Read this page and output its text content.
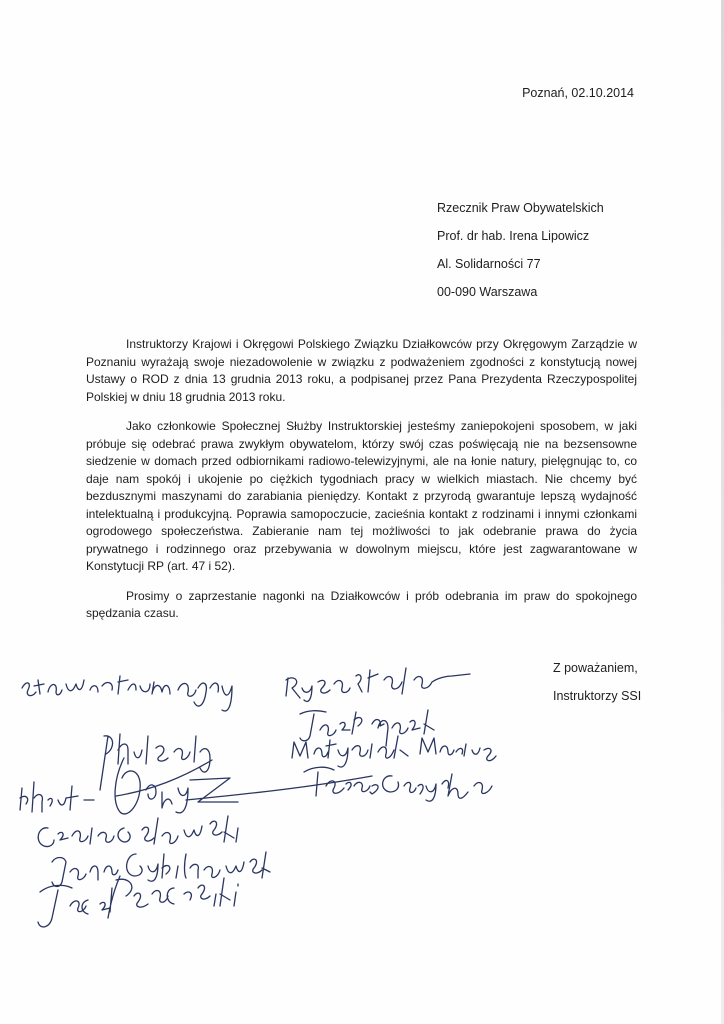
Poznań, 02.10.2014
Rzecznik Praw Obywatelskich
Prof. dr hab. Irena Lipowicz
Al. Solidarności 77
00-090 Warszawa

Instruktorzy Krajowi i Okręgowi Polskiego Związku Działkowców przy Okręgowym Zarządzie w Poznaniu wyrażają swoje niezadowolenie w związku z podważeniem zgodności z konstytucją nowej Ustawy o ROD z dnia 13 grudnia 2013 roku, a podpisanej przez Pana Prezydenta Rzeczypospolitej Polskiej w dniu 18 grudnia 2013 roku.

Jako członkowie Społecznej Służby Instruktorskiej jesteśmy zaniepokojeni sposobem, w jaki próbuje się odebrać prawa zwykłym obywatelom, którzy swój czas poświęcają nie na bezsensowne siedzenie w domach przed odbiornikami radiowo-telewizyjnymi, ale na łonie natury, pielęgnując to, co daje nam spokój i ukojenie po ciężkich tygodniach pracy w wielkich miastach. Nie chcemy być bezdusznymi maszynami do zarabiania pieniędzy. Kontakt z przyrodą gwarantuje lepszą wydajność intelektualną i produkcyjną. Poprawia samopoczucie, zacieśnia kontakt z rodzinami i innymi członkami ogrodowego społeczeństwa. Zabieranie nam tej możliwości to jak odebranie prawa do życia prywatnego i rodzinnego oraz przebywania w dowolnym miejscu, które jest zagwarantowane w Konstytucji RP (art. 47 i 52).

Prosimy o zaprzestanie nagonki na Działkowców i prób odebrania im praw do spokojnego spędzania czasu.

Z poważaniem,
Instruktorzy SSI
